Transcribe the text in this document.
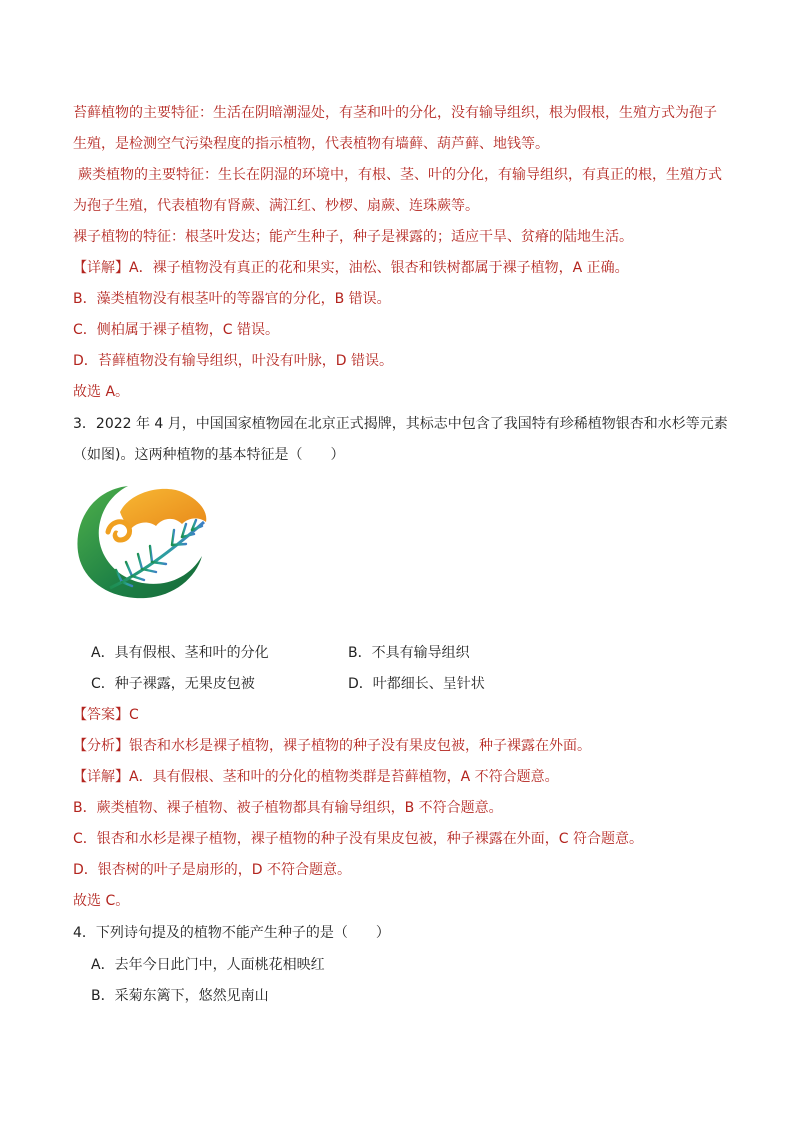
苔藓植物的主要特征：生活在阴暗潮湿处，有茎和叶的分化，没有输导组织，根为假根，生殖方式为孢子
生殖，是检测空气污染程度的指示植物，代表植物有墙藓、葫芦藓、地钱等。
蕨类植物的主要特征：生长在阴湿的环境中，有根、茎、叶的分化，有输导组织，有真正的根，生殖方式
为孢子生殖，代表植物有肾蕨、满江红、杪椤、扇蕨、连珠蕨等。
裸子植物的特征：根茎叶发达；能产生种子，种子是裸露的；适应干旱、贫瘠的陆地生活。
【详解】A．裸子植物没有真正的花和果实，油松、银杏和铁树都属于裸子植物，A 正确。
B．藻类植物没有根茎叶的等器官的分化，B 错误。
C．侧柏属于裸子植物，C 错误。
D．苔藓植物没有输导组织，叶没有叶脉，D 错误。
故选 A。
3．2022 年 4 月，中国国家植物园在北京正式揭牌，其标志中包含了我国特有珍稀植物银杏和水杉等元素
（如图)。这两种植物的基本特征是（　　）
A．具有假根、茎和叶的分化	B．不具有输导组织
C．种子裸露，无果皮包被	D．叶都细长、呈针状
【答案】C
【分析】银杏和水杉是裸子植物，裸子植物的种子没有果皮包被，种子裸露在外面。
【详解】A．具有假根、茎和叶的分化的植物类群是苔藓植物，A 不符合题意。
B．蕨类植物、裸子植物、被子植物都具有输导组织，B 不符合题意。
C．银杏和水杉是裸子植物，裸子植物的种子没有果皮包被，种子裸露在外面，C 符合题意。
D．银杏树的叶子是扇形的，D 不符合题意。
故选 C。
4．下列诗句提及的植物不能产生种子的是（　　）
A．去年今日此门中，人面桃花相映红
B．采菊东篱下，悠然见南山
